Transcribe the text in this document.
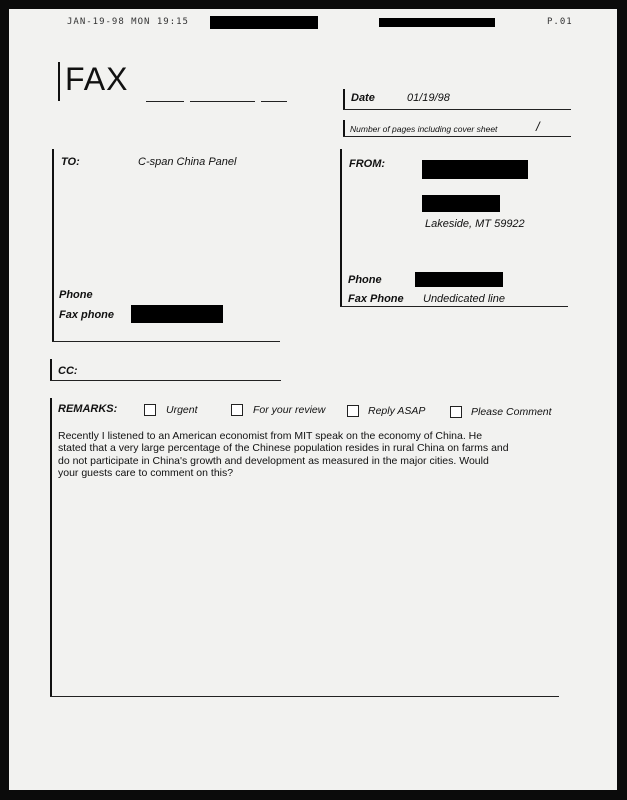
JAN-19-98 MON 19:15	P.01
FAX
Date	01/19/98
Number of pages including cover sheet	/
TO:	C-span China Panel
Phone
Fax phone
FROM:
Lakeside, MT 59922
Phone
Fax Phone Undedicated line
CC:
REMARKS:	Urgent	For your review	Reply ASAP	Please Comment
Recently I listened to an American economist from MIT speak on the economy of China. He
stated that a very large percentage of the Chinese population resides in rural China on farms and
do not participate in China's growth and development as measured in the major cities. Would
your guests care to comment on this?
